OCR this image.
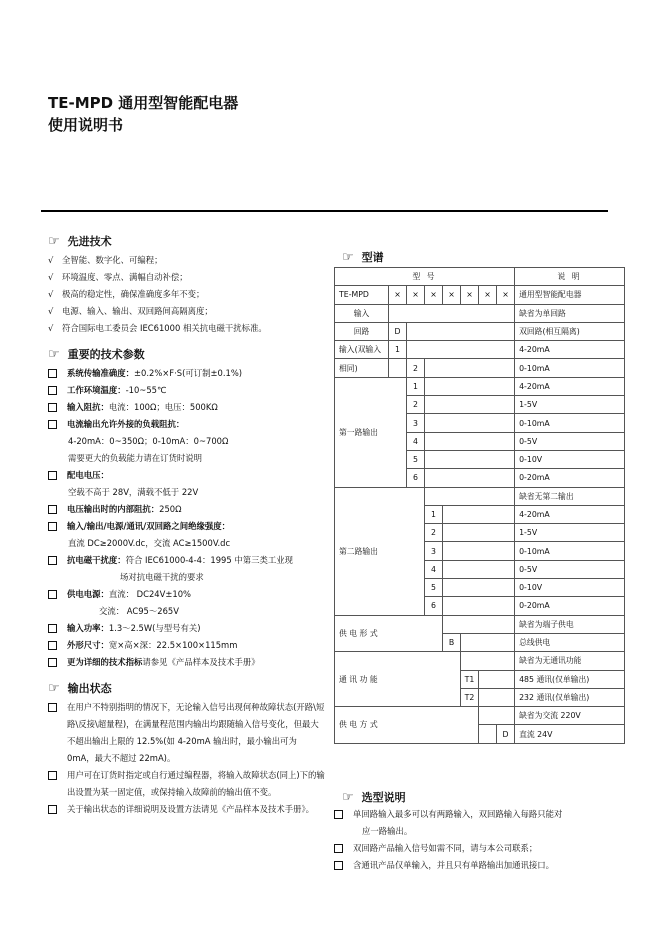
TE-MPD 通用型智能配电器
使用说明书
☞ 先进技术
√	全智能、数字化、可编程；
√	环境温度、零点、满幅自动补偿；
√	极高的稳定性，确保准确度多年不变；
√	电源、输入、输出、双回路间高隔离度；
√	符合国际电工委员会 IEC61000 相关抗电磁干扰标准。
☞ 重要的技术参数
系统传输准确度：±0.2%×F·S(可订制±0.1%)
工作环境温度：-10~55℃
输入阻抗：电流：100Ω；电压：500KΩ
电流输出允许外接的负载阻抗：
4-20mA：0~350Ω；0-10mA：0~700Ω
需要更大的负载能力请在订货时说明
配电电压：
空载不高于 28V，满载不低于 22V
电压输出时的内部阻抗：250Ω
输入/输出/电源/通讯/双回路之间绝缘强度：
直流 DC≥2000V.dc，交流 AC≥1500V.dc
抗电磁干扰度：符合 IEC61000-4-4：1995 中第三类工业现
场对抗电磁干扰的要求
供电电源：直流： DC24V±10%
交流： AC95～265V
输入功率：1.3～2.5W(与型号有关)
外形尺寸：宽×高×深：22.5×100×115mm
更为详细的技术指标请参见《产品样本及技术手册》
☞ 输出状态
在用户不特别指明的情况下，无论输入信号出现何种故障状态(开路\短路\反接\超量程)，在满量程范围内输出均跟随输入信号变化，但最大不超出输出上限的 12.5%(如 4-20mA 输出时，最小输出可为 0mA，最大不超过 22mA)。
用户可在订货时指定或自行通过编程器，将输入故障状态(同上)下的输出设置为某一固定值，或保持输入故障前的输出值不变。
关于输出状态的详细说明及设置方法请见《产品样本及技术手册》。
☞ 型谱
型 号								说 明
TE-MPD	×	×	×	×	×	×	×	通用型智能配电器
输入								缺省为单回路
回路	D							双回路(相互隔离)
输入(双输入	1							4-20mA
相同)		2						0-10mA
第一路输出		1						4-20mA
		2						1-5V
		3						0-10mA
		4						0-5V
		5						0-10V
		6						0-20mA
第二路输出								缺省无第二输出
			1					4-20mA
			2					1-5V
			3					0-10mA
			4					0-5V
			5					0-10V
			6					0-20mA
供 电 形 式								缺省为端子供电
				B				总线供电
通 讯 功 能								缺省为无通讯功能
					T1			485 通讯(仅单输出)
					T2			232 通讯(仅单输出)
供 电 方 式								缺省为交流 220V
							D	直流 24V
☞ 选型说明
单回路输入最多可以有两路输入，双回路输入每路只能对
应一路输出。
双回路产品输入信号如需不同，请与本公司联系；
含通讯产品仅单输入，并且只有单路输出加通讯接口。
